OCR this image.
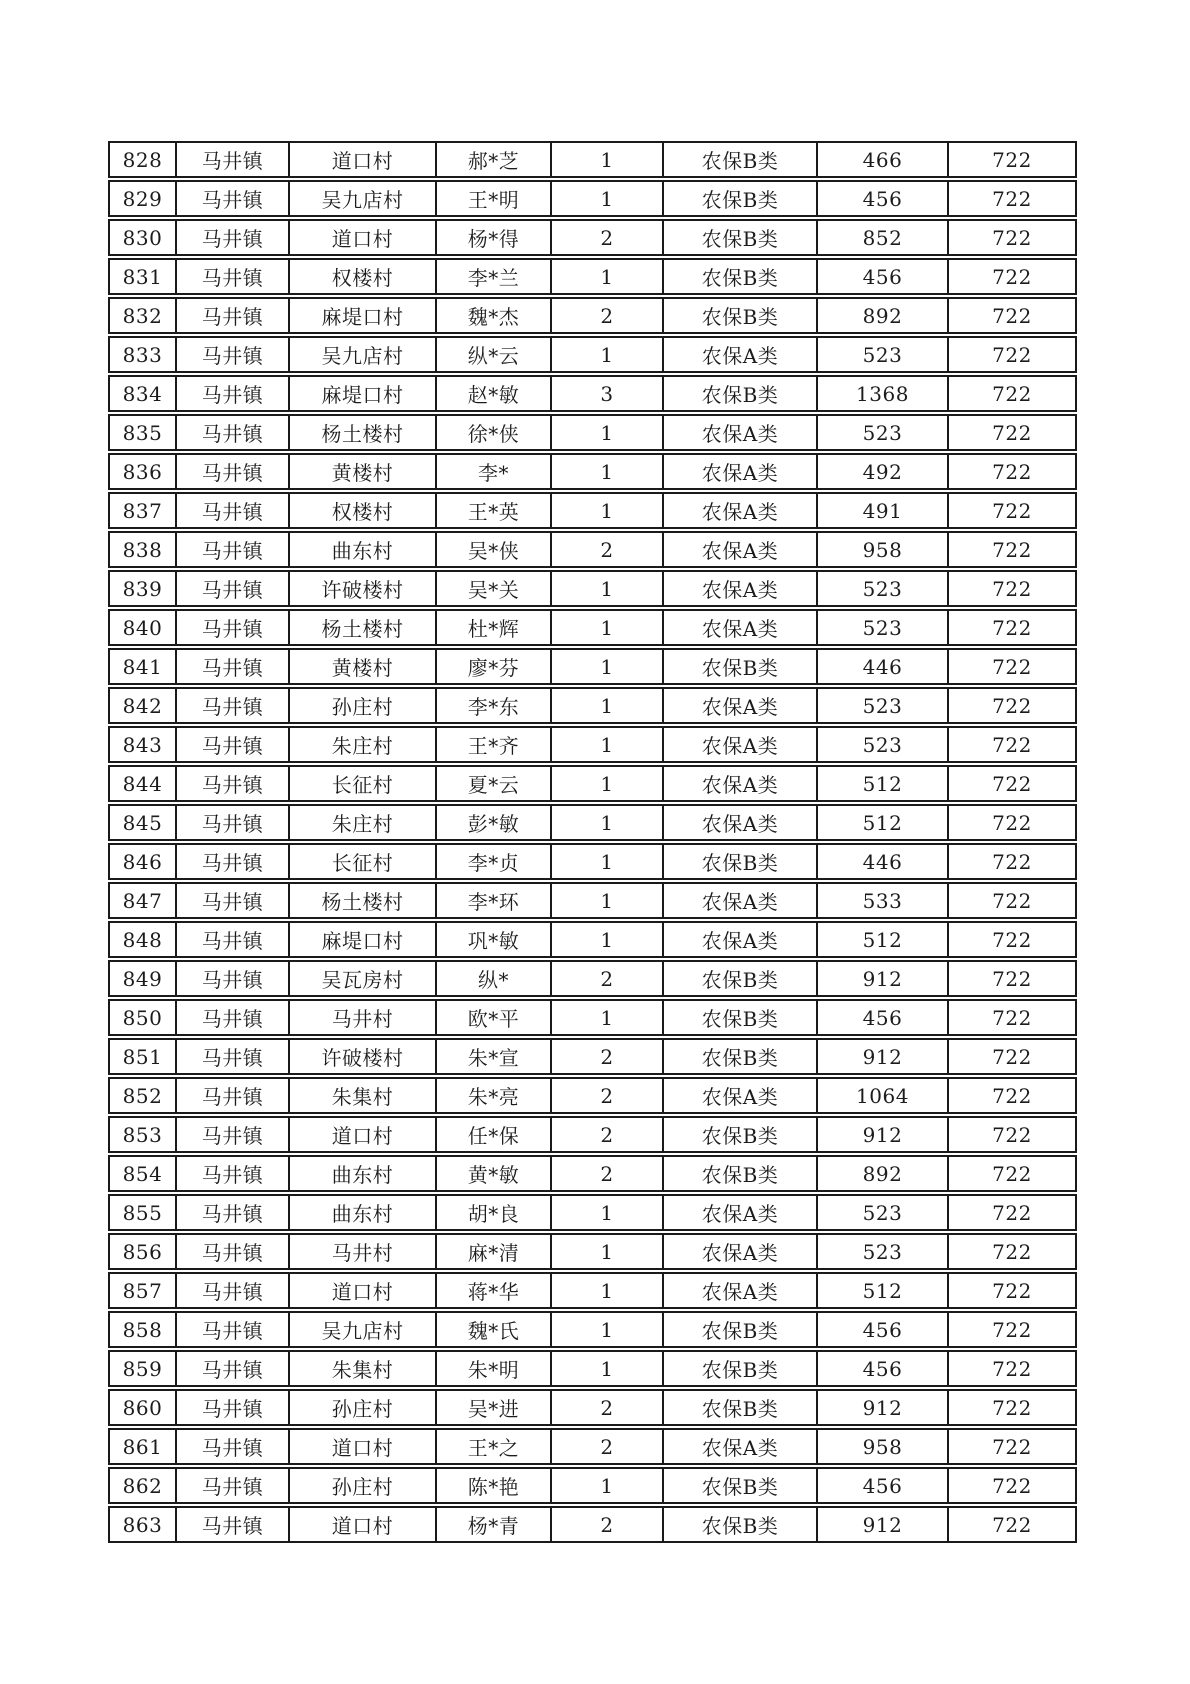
828	马井镇	道口村	郝*芝	1	农保B类	466	722
829	马井镇	吴九店村	王*明	1	农保B类	456	722
830	马井镇	道口村	杨*得	2	农保B类	852	722
831	马井镇	权楼村	李*兰	1	农保B类	456	722
832	马井镇	麻堤口村	魏*杰	2	农保B类	892	722
833	马井镇	吴九店村	纵*云	1	农保A类	523	722
834	马井镇	麻堤口村	赵*敏	3	农保B类	1368	722
835	马井镇	杨土楼村	徐*侠	1	农保A类	523	722
836	马井镇	黄楼村	李*	1	农保A类	492	722
837	马井镇	权楼村	王*英	1	农保A类	491	722
838	马井镇	曲东村	吴*侠	2	农保A类	958	722
839	马井镇	许破楼村	吴*关	1	农保A类	523	722
840	马井镇	杨土楼村	杜*辉	1	农保A类	523	722
841	马井镇	黄楼村	廖*芬	1	农保B类	446	722
842	马井镇	孙庄村	李*东	1	农保A类	523	722
843	马井镇	朱庄村	王*齐	1	农保A类	523	722
844	马井镇	长征村	夏*云	1	农保A类	512	722
845	马井镇	朱庄村	彭*敏	1	农保A类	512	722
846	马井镇	长征村	李*贞	1	农保B类	446	722
847	马井镇	杨土楼村	李*环	1	农保A类	533	722
848	马井镇	麻堤口村	巩*敏	1	农保A类	512	722
849	马井镇	吴瓦房村	纵*	2	农保B类	912	722
850	马井镇	马井村	欧*平	1	农保B类	456	722
851	马井镇	许破楼村	朱*宣	2	农保B类	912	722
852	马井镇	朱集村	朱*亮	2	农保A类	1064	722
853	马井镇	道口村	任*保	2	农保B类	912	722
854	马井镇	曲东村	黄*敏	2	农保B类	892	722
855	马井镇	曲东村	胡*良	1	农保A类	523	722
856	马井镇	马井村	麻*清	1	农保A类	523	722
857	马井镇	道口村	蒋*华	1	农保A类	512	722
858	马井镇	吴九店村	魏*氏	1	农保B类	456	722
859	马井镇	朱集村	朱*明	1	农保B类	456	722
860	马井镇	孙庄村	吴*进	2	农保B类	912	722
861	马井镇	道口村	王*之	2	农保A类	958	722
862	马井镇	孙庄村	陈*艳	1	农保B类	456	722
863	马井镇	道口村	杨*青	2	农保B类	912	722
